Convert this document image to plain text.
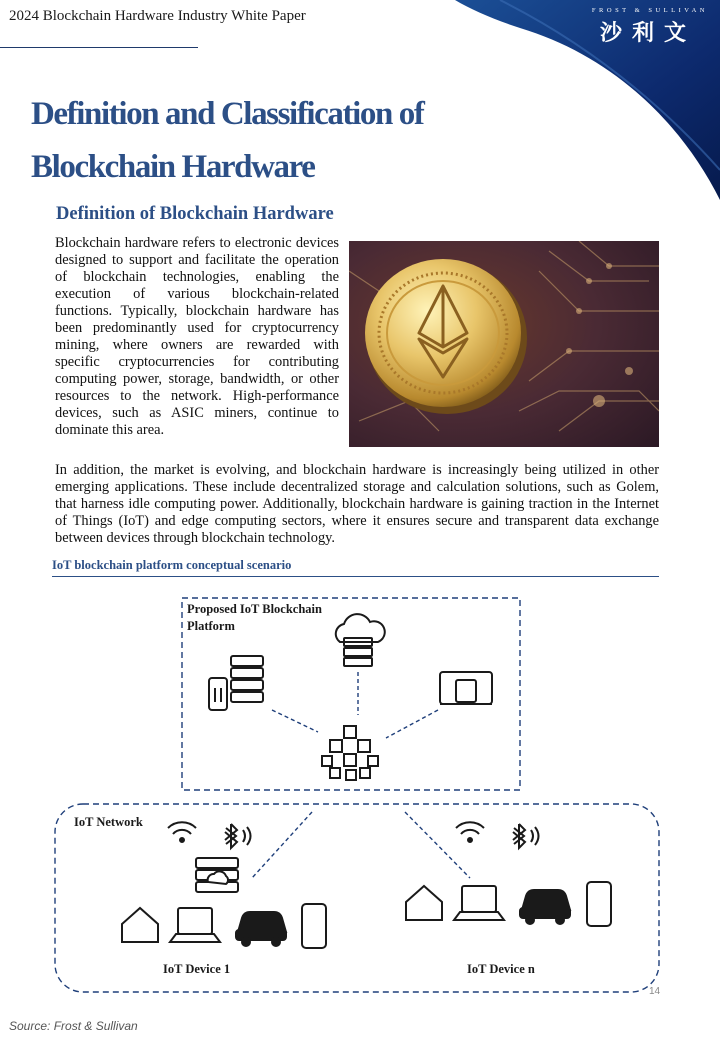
2024 Blockchain Hardware Industry White Paper	FROST & SULLIVAN
沙利文
Definition and Classification of Blockchain Hardware
Definition of Blockchain Hardware
Blockchain hardware refers to electronic devices designed to support and facilitate the operation of blockchain technologies, enabling the execution of various blockchain-related functions. Typically, blockchain hardware has been predominantly used for cryptocurrency mining, where owners are rewarded with specific cryptocurrencies for contributing computing power, storage, bandwidth, or other resources to the network. High-performance devices, such as ASIC miners, continue to dominate this area.
In addition, the market is evolving, and blockchain hardware is increasingly being utilized in other emerging applications. These include decentralized storage and calculation solutions, such as Golem, that harness idle computing power. Additionally, blockchain hardware is gaining traction in the Internet of Things (IoT) and edge computing sectors, where it ensures secure and transparent data exchange between devices through blockchain technology.
IoT blockchain platform conceptual scenario
Proposed IoT Blockchain Platform
IoT Network
IoT Device 1	IoT Device n
14
Source: Frost & Sullivan
